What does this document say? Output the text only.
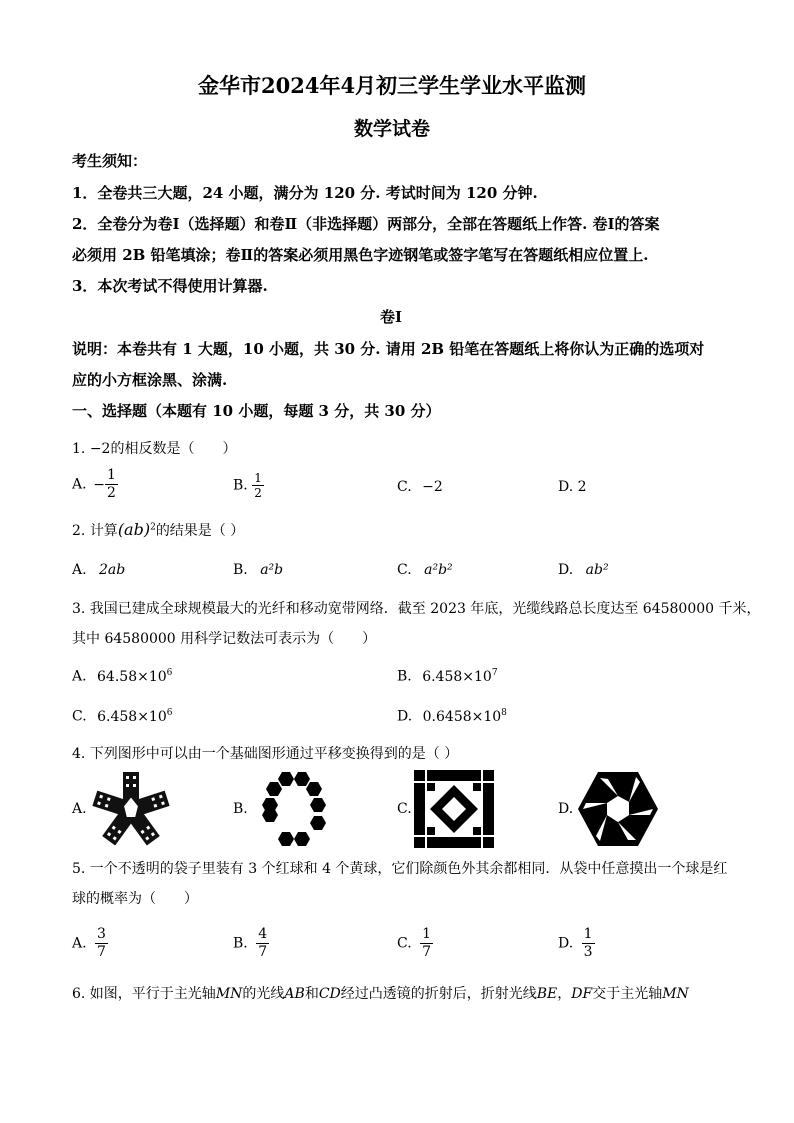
金华市2024年4月初三学生学业水平监测
数学试卷
考生须知：
1．全卷共三大题，24 小题，满分为 120 分. 考试时间为 120 分钟.
2．全卷分为卷Ⅰ（选择题）和卷Ⅱ（非选择题）两部分，全部在答题纸上作答. 卷Ⅰ的答案
必须用 2B 铅笔填涂；卷Ⅱ的答案必须用黑色字迹钢笔或签字笔写在答题纸相应位置上.
3．本次考试不得使用计算器.
卷Ⅰ
说明：本卷共有 1 大题，10 小题，共 30 分. 请用 2B 铅笔在答题纸上将你认为正确的选项对
应的小方框涂黑、涂满.
一、选择题（本题有 10 小题，每题 3 分，共 30 分）
1. −2的相反数是（　　）
A. − $\frac{1}{2}$	B. $\frac{1}{2}$	C. −2	D. 2
2. 计算(ab)$^2$的结果是（ ）
A. 2ab	B. a²b	C. a²b²	D. ab²
3. 我国已建成全球规模最大的光纤和移动宽带网络．截至 2023 年底，光缆线路总长度达至 64580000 千米，
其中 64580000 用科学记数法可表示为（　　）
A. $64.58\times 10^6$	B. $6.458\times 10^7$
C. $6.458\times 10^6$	D. $0.6458\times 10^8$
4. 下列图形中可以由一个基础图形通过平移变换得到的是（ ）
A.	B.	C.	D.
5. 一个不透明的袋子里装有 3 个红球和 4 个黄球，它们除颜色外其余都相同．从袋中任意摸出一个球是红
球的概率为（　　）
A. $\frac{3}{7}$	B. $\frac{4}{7}$	C. $\frac{1}{7}$	D. $\frac{1}{3}$
6. 如图，平行于主光轴MN的光线AB和CD经过凸透镜的折射后，折射光线BE，DF交于主光轴MN
